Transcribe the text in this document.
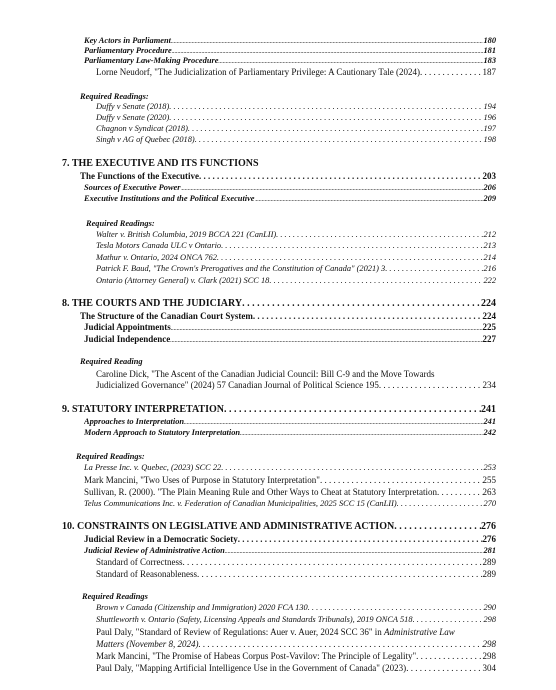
Key Actors in Parliament . . .	180
Parliamentary Procedure . . .	181
Parliamentary Law-Making Procedure . . .	183
Lorne Neudorf, "The Judicialization of Parliamentary Privilege: A Cautionary Tale (2024) . . .	187
Required Readings:
Duffy v Senate (2018) . . .	194
Duffy v Senate (2020) . . .	196
Chagnon v Syndicat (2018) . . .	197
Singh v AG of Quebec (2018) . . .	198
7. THE EXECUTIVE AND ITS FUNCTIONS
The Functions of the Executive . . .	203
Sources of Executive Power . . .	206
Executive Institutions and the Political Executive . . .	209
Required Readings:
Walter v. British Columbia, 2019 BCCA 221 (CanLII) . . .	212
Tesla Motors Canada ULC v Ontario . . .	213
Mathur v. Ontario, 2024 ONCA 762 . . .	214
Patrick F. Baud, "The Crown's Prerogatives and the Constitution of Canada" (2021) 3 . . .	216
Ontario (Attorney General) v. Clark (2021) SCC 18 . . .	222
8. THE COURTS AND THE JUDICIARY . . .	224
The Structure of the Canadian Court System . . .	224
Judicial Appointments . . .	225
Judicial Independence . . .	227
Required Reading
Caroline Dick, "The Ascent of the Canadian Judicial Council: Bill C-9 and the Move Towards
Judicialized Governance" (2024) 57 Canadian Journal of Political Science 195 . . .	234
9. STATUTORY INTERPRETATION . . .	241
Approaches to Interpretation . . .	241
Modern Approach to Statutory Interpretation . . .	242
Required Readings:
La Presse Inc. v. Quebec, (2023) SCC 22 . . .	253
Mark Mancini, "Two Uses of Purpose in Statutory Interpretation" . . .	255
Sullivan, R. (2000). "The Plain Meaning Rule and Other Ways to Cheat at Statutory Interpretation . . .	263
Telus Communications Inc. v. Federation of Canadian Municipalities, 2025 SCC 15 (CanLII) . . .	270
10. CONSTRAINTS ON LEGISLATIVE AND ADMINISTRATIVE ACTION . . .	276
Judicial Review in a Democratic Society . . .	276
Judicial Review of Administrative Action . . .	281
Standard of Correctness . . .	289
Standard of Reasonableness . . .	289
Required Readings
Brown v Canada (Citizenship and Immigration) 2020 FCA 130 . . .	290
Shuttleworth v. Ontario (Safety, Licensing Appeals and Standards Tribunals), 2019 ONCA 518 . . .	298
Paul Daly, "Standard of Review of Regulations: Auer v. Auer, 2024 SCC 36" in Administrative Law
Matters (November 8, 2024) . . .	298
Mark Mancini, "The Promise of Habeas Corpus Post-Vavilov: The Principle of Legality" . . .	298
Paul Daly, "Mapping Artificial Intelligence Use in the Government of Canada" (2023) . . .	304
